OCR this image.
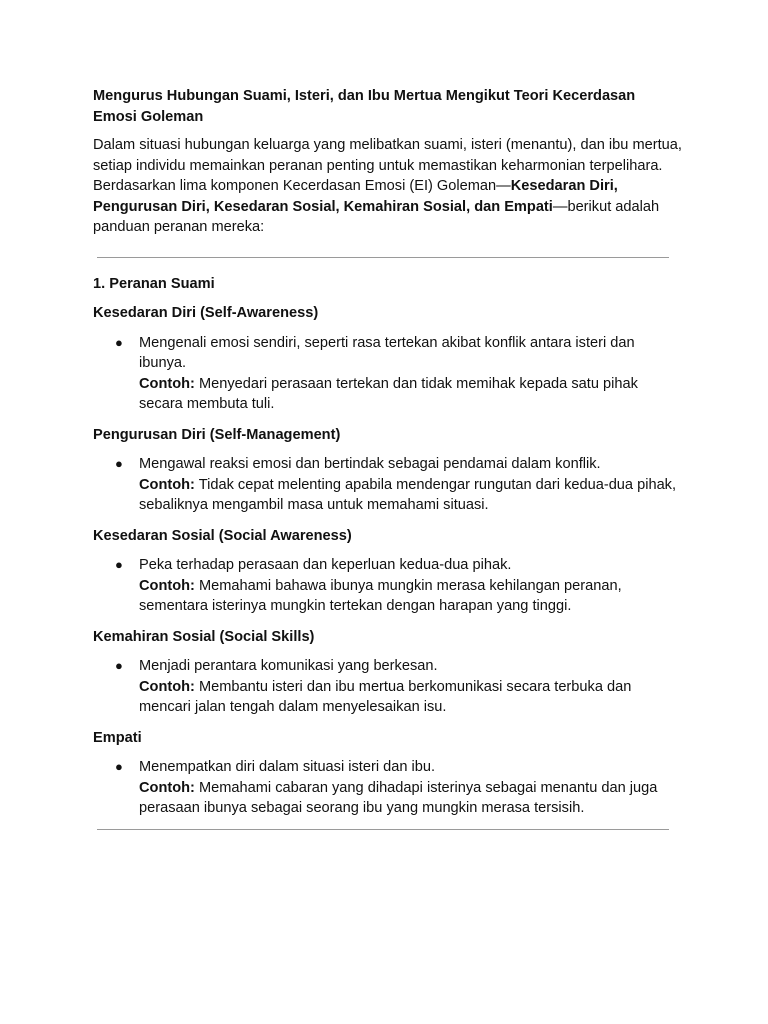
Mengurus Hubungan Suami, Isteri, dan Ibu Mertua Mengikut Teori Kecerdasan Emosi Goleman

Dalam situasi hubungan keluarga yang melibatkan suami, isteri (menantu), dan ibu mertua, setiap individu memainkan peranan penting untuk memastikan keharmonian terpelihara. Berdasarkan lima komponen Kecerdasan Emosi (EI) Goleman—Kesedaran Diri, Pengurusan Diri, Kesedaran Sosial, Kemahiran Sosial, dan Empati—berikut adalah panduan peranan mereka:

1. Peranan Suami
Kesedaran Diri (Self-Awareness)
● Mengenali emosi sendiri, seperti rasa tertekan akibat konflik antara isteri dan ibunya.
Contoh: Menyedari perasaan tertekan dan tidak memihak kepada satu pihak secara membuta tuli.
Pengurusan Diri (Self-Management)
● Mengawal reaksi emosi dan bertindak sebagai pendamai dalam konflik.
Contoh: Tidak cepat melenting apabila mendengar rungutan dari kedua-dua pihak, sebaliknya mengambil masa untuk memahami situasi.
Kesedaran Sosial (Social Awareness)
● Peka terhadap perasaan dan keperluan kedua-dua pihak.
Contoh: Memahami bahawa ibunya mungkin merasa kehilangan peranan, sementara isterinya mungkin tertekan dengan harapan yang tinggi.
Kemahiran Sosial (Social Skills)
● Menjadi perantara komunikasi yang berkesan.
Contoh: Membantu isteri dan ibu mertua berkomunikasi secara terbuka dan mencari jalan tengah dalam menyelesaikan isu.
Empati
● Menempatkan diri dalam situasi isteri dan ibu.
Contoh: Memahami cabaran yang dihadapi isterinya sebagai menantu dan juga perasaan ibunya sebagai seorang ibu yang mungkin merasa tersisih.
